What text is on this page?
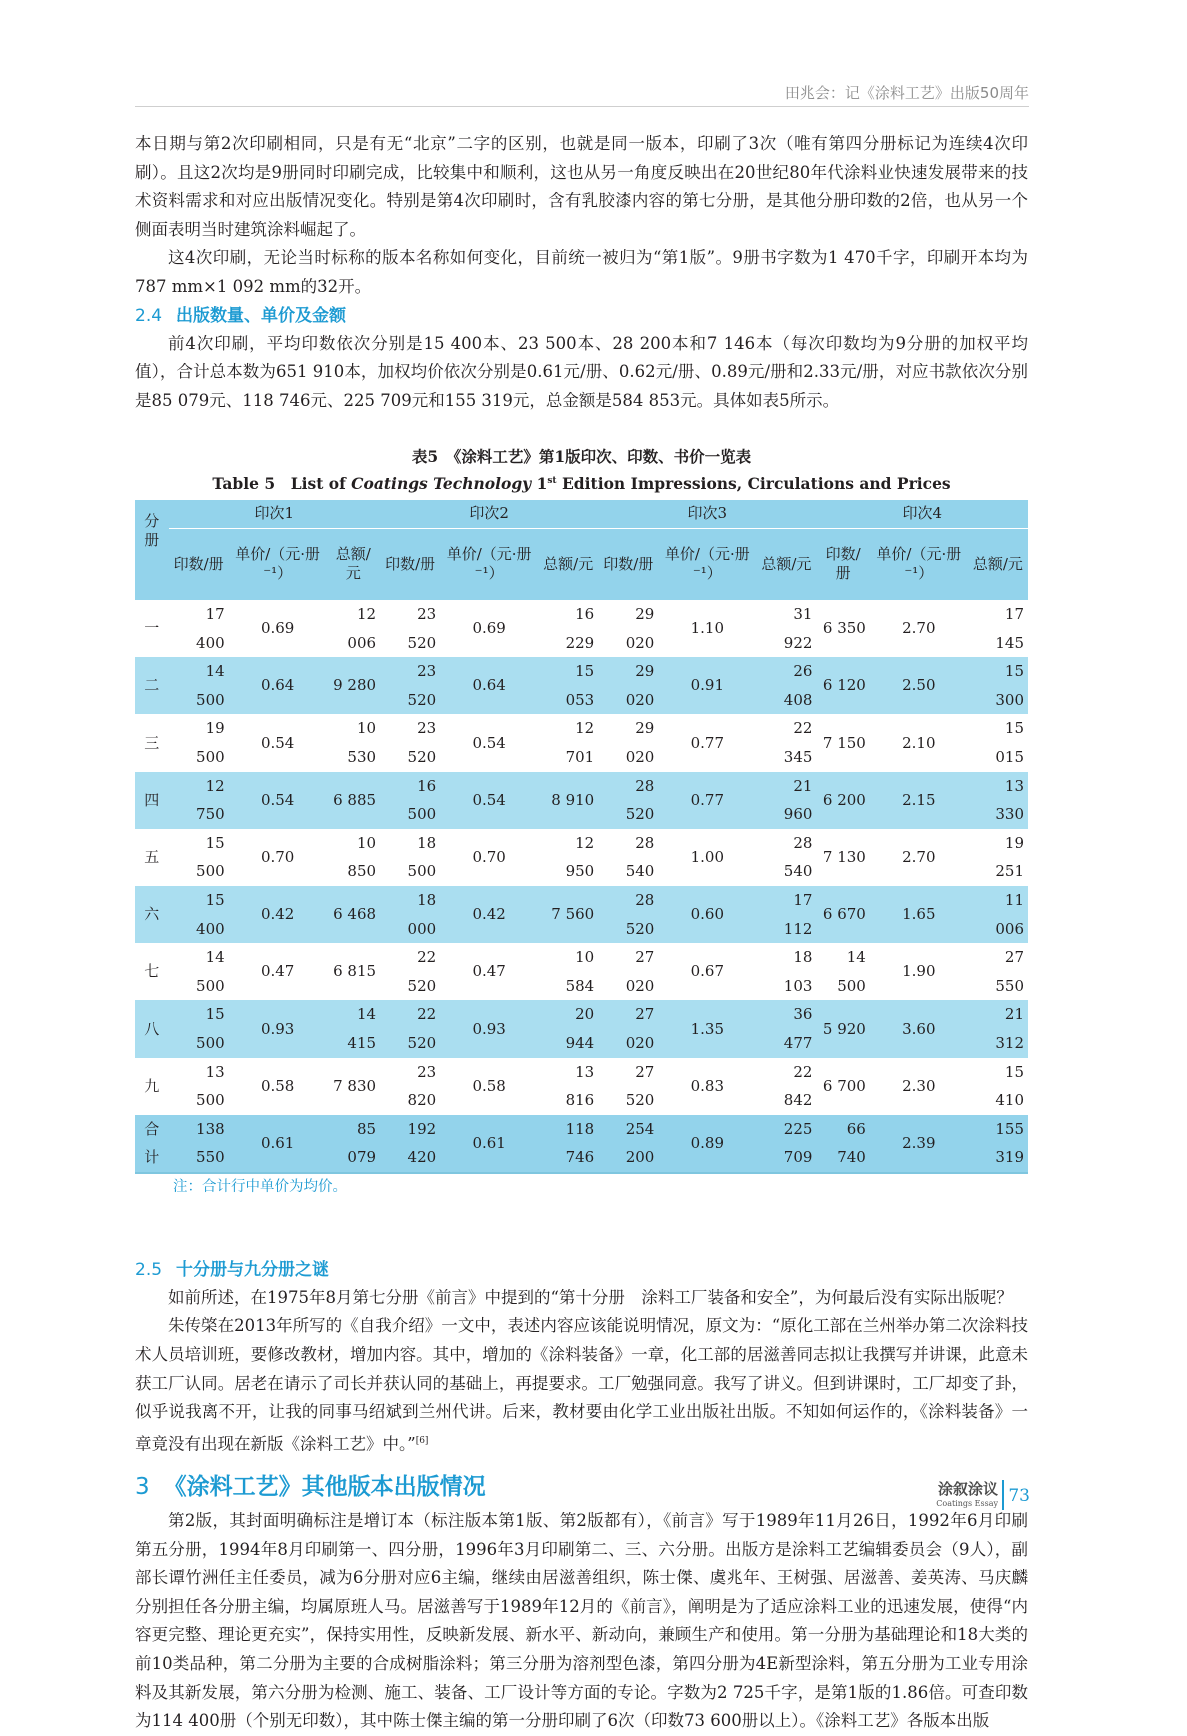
田兆会：记《涂料工艺》出版50周年

本日期与第2次印刷相同，只是有无“北京”二字的区别，也就是同一版本，印刷了3次（唯有第四分册标记为连续4次印刷）。且这2次均是9册同时印刷完成，比较集中和顺利，这也从另一角度反映出在20世纪80年代涂料业快速发展带来的技术资料需求和对应出版情况变化。特别是第4次印刷时，含有乳胶漆内容的第七分册，是其他分册印数的2倍，也从另一个侧面表明当时建筑涂料崛起了。

这4次印刷，无论当时标称的版本名称如何变化，目前统一被归为“第1版”。9册书字数为1 470千字，印刷开本均为787 mm×1 092 mm的32开。

2.4 出版数量、单价及金额

前4次印刷，平均印数依次分别是15 400本、23 500本、28 200本和7 146本（每次印数均为9分册的加权平均值），合计总本数为651 910本，加权均价依次分别是0.61元/册、0.62元/册、0.89元/册和2.33元/册，对应书款依次分别是85 079元、118 746元、225 709元和155 319元，总金额是584 853元。具体如表5所示。

表5　《涂料工艺》第1版印次、印数、书价一览表
Table 5　List of Coatings Technology 1st Edition Impressions, Circulations and Prices
分册	印次1			印次2			印次3			印次4		
	印数/册	单价/（元·册⁻¹）	总额/元	印数/册	单价/（元·册⁻¹）	总额/元	印数/册	单价/（元·册⁻¹）	总额/元	印数/册	单价/（元·册⁻¹）	总额/元
一	17 400	0.69	12 006	23 520	0.69	16 229	29 020	1.10	31 922	6 350	2.70	17 145
二	14 500	0.64	9 280	23 520	0.64	15 053	29 020	0.91	26 408	6 120	2.50	15 300
三	19 500	0.54	10 530	23 520	0.54	12 701	29 020	0.77	22 345	7 150	2.10	15 015
四	12 750	0.54	6 885	16 500	0.54	8 910	28 520	0.77	21 960	6 200	2.15	13 330
五	15 500	0.70	10 850	18 500	0.70	12 950	28 540	1.00	28 540	7 130	2.70	19 251
六	15 400	0.42	6 468	18 000	0.42	7 560	28 520	0.60	17 112	6 670	1.65	11 006
七	14 500	0.47	6 815	22 520	0.47	10 584	27 020	0.67	18 103	14 500	1.90	27 550
八	15 500	0.93	14 415	22 520	0.93	20 944	27 020	1.35	36 477	5 920	3.60	21 312
九	13 500	0.58	7 830	23 820	0.58	13 816	27 520	0.83	22 842	6 700	2.30	15 410
合计	138 550	0.61	85 079	192 420	0.61	118 746	254 200	0.89	225 709	66 740	2.39	155 319
注：合计行中单价为均价。
2.5 十分册与九分册之谜

如前所述，在1975年8月第七分册《前言》中提到的“第十分册　涂料工厂装备和安全”，为何最后没有实际出版呢？

朱传棨在2013年所写的《自我介绍》一文中，表述内容应该能说明情况，原文为：“原化工部在兰州举办第二次涂料技术人员培训班，要修改教材，增加内容。其中，增加的《涂料装备》一章，化工部的居滋善同志拟让我撰写并讲课，此意未获工厂认同。居老在请示了司长并获认同的基础上，再提要求。工厂勉强同意。我写了讲义。但到讲课时，工厂却变了卦，似乎说我离不开，让我的同事马绍斌到兰州代讲。后来，教材要由化学工业出版社出版。不知如何运作的，《涂料装备》一章竟没有出现在新版《涂料工艺》中。”[6]

3 《涂料工艺》其他版本出版情况

第2版，其封面明确标注是增订本（标注版本第1版、第2版都有），《前言》写于1989年11月26日，1992年6月印刷第五分册，1994年8月印刷第一、四分册，1996年3月印刷第二、三、六分册。出版方是涂料工艺编辑委员会（9人），副部长谭竹洲任主任委员，减为6分册对应6主编，继续由居滋善组织，陈士傑、虞兆年、王树强、居滋善、姜英涛、马庆麟分别担任各分册主编，均属原班人马。居滋善写于1989年12月的《前言》，阐明是为了适应涂料工业的迅速发展，使得“内容更完整、理论更充实”，保持实用性，反映新发展、新水平、新动向，兼顾生产和使用。第一分册为基础理论和18大类的前10类品种，第二分册为主要的合成树脂涂料；第三分册为溶剂型色漆，第四分册为4E新型涂料，第五分册为工业专用涂料及其新发展，第六分册为检测、施工、装备、工厂设计等方面的专论。字数为2 725千字，是第1版的1.86倍。可查印数为114 400册（个别无印数），其中陈士傑主编的第一分册印刷了6次（印数73 600册以上）。《涂料工艺》各版本出版

涂叙涂议
Coatings Essay 73
